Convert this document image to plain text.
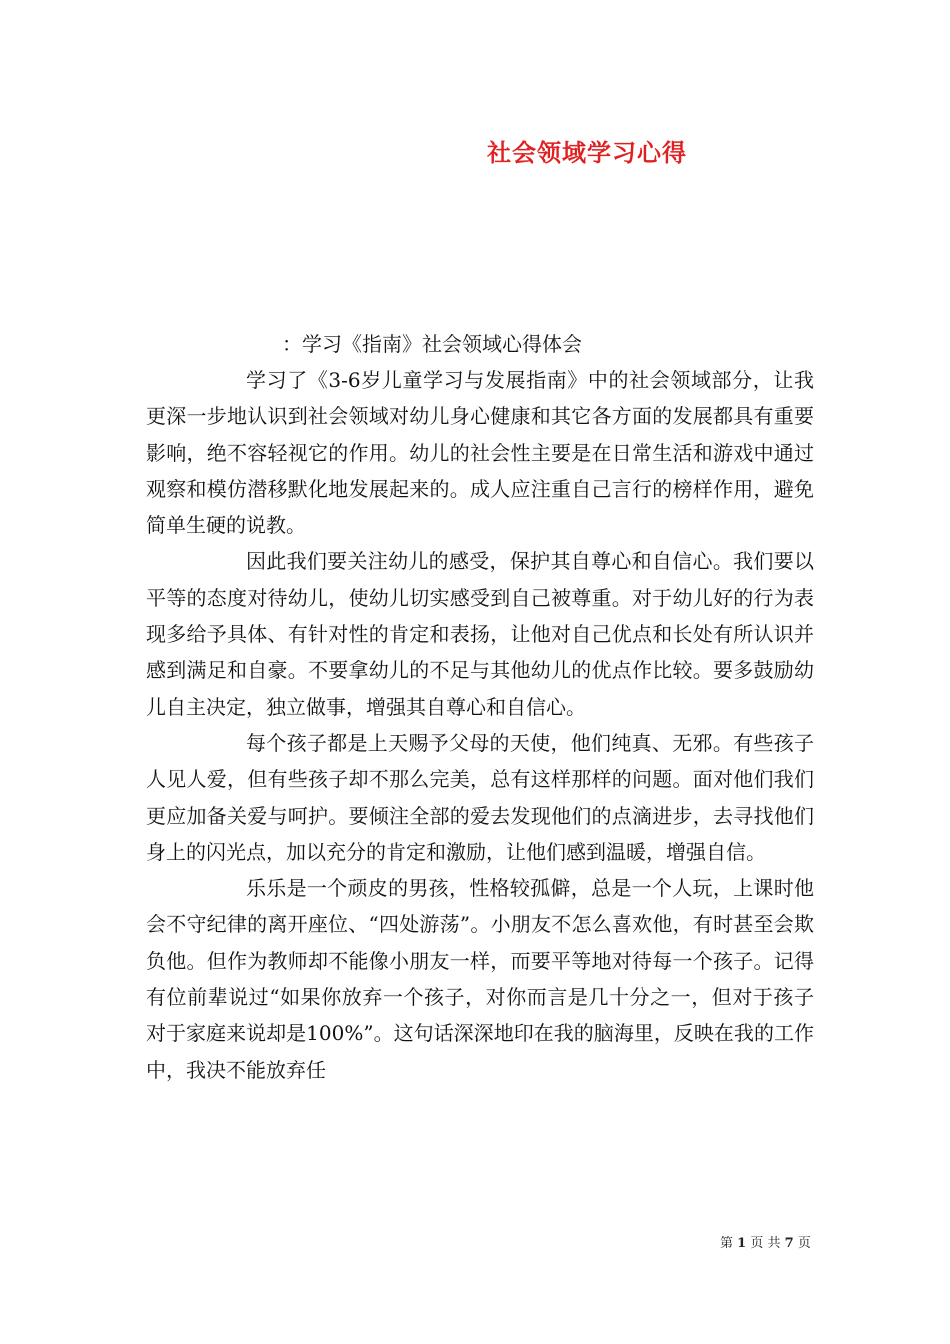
社会领域学习心得
：学习《指南》社会领域心得体会

学习了《3-6岁儿童学习与发展指南》中的社会领域部分，让我更深一步地认识到社会领域对幼儿身心健康和其它各方面的发展都具有重要影响，绝不容轻视它的作用。幼儿的社会性主要是在日常生活和游戏中通过观察和模仿潜移默化地发展起来的。成人应注重自己言行的榜样作用，避免简单生硬的说教。

因此我们要关注幼儿的感受，保护其自尊心和自信心。我们要以平等的态度对待幼儿，使幼儿切实感受到自己被尊重。对于幼儿好的行为表现多给予具体、有针对性的肯定和表扬，让他对自己优点和长处有所认识并感到满足和自豪。不要拿幼儿的不足与其他幼儿的优点作比较。要多鼓励幼儿自主决定，独立做事，增强其自尊心和自信心。

每个孩子都是上天赐予父母的天使，他们纯真、无邪。有些孩子人见人爱，但有些孩子却不那么完美，总有这样那样的问题。面对他们我们更应加备关爱与呵护。要倾注全部的爱去发现他们的点滴进步，去寻找他们身上的闪光点，加以充分的肯定和激励，让他们感到温暖，增强自信。

乐乐是一个顽皮的男孩，性格较孤僻，总是一个人玩，上课时他会不守纪律的离开座位、“四处游荡”。小朋友不怎么喜欢他，有时甚至会欺负他。但作为教师却不能像小朋友一样，而要平等地对待每一个孩子。记得有位前辈说过“如果你放弃一个孩子，对你而言是几十分之一，但对于孩子对于家庭来说却是100%”。这句话深深地印在我的脑海里，反映在我的工作中，我决不能放弃任

第 1 页 共 7 页
